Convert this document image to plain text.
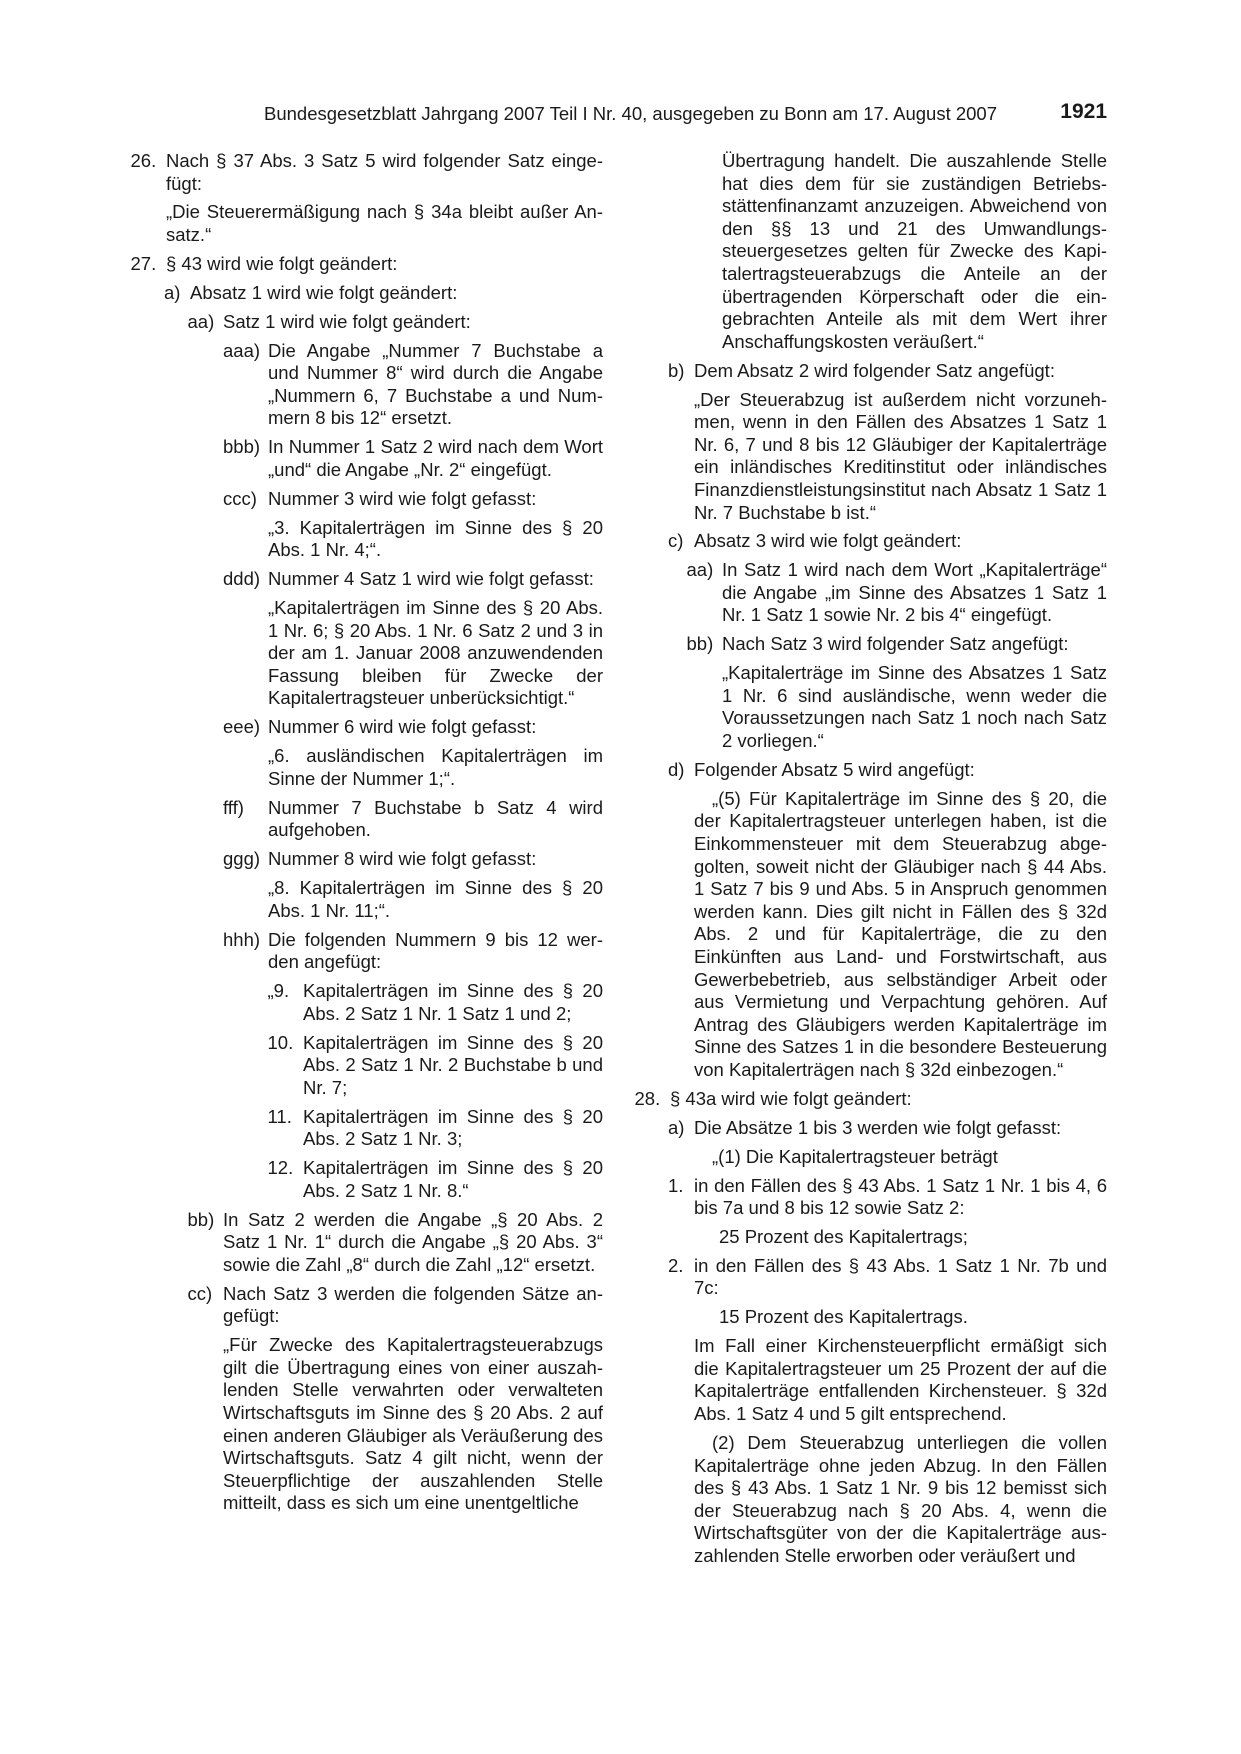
Bundesgesetzblatt Jahrgang 2007 Teil I Nr. 40, ausgegeben zu Bonn am 17. August 2007	1921

26. Nach § 37 Abs. 3 Satz 5 wird folgender Satz eingefügt:

„Die Steuerermäßigung nach § 34a bleibt außer Ansatz.“

27. § 43 wird wie folgt geändert:

a) Absatz 1 wird wie folgt geändert:

aa) Satz 1 wird wie folgt geändert:

aaa) Die Angabe „Nummer 7 Buchstabe a und Nummer 8“ wird durch die Angabe „Nummern 6, 7 Buchstabe a und Nummern 8 bis 12“ ersetzt.

bbb) In Nummer 1 Satz 2 wird nach dem Wort „und“ die Angabe „Nr. 2“ eingefügt.

ccc) Nummer 3 wird wie folgt gefasst:

„3. Kapitalerträgen im Sinne des § 20 Abs. 1 Nr. 4;“.

ddd) Nummer 4 Satz 1 wird wie folgt gefasst:

„Kapitalerträgen im Sinne des § 20 Abs. 1 Nr. 6; § 20 Abs. 1 Nr. 6 Satz 2 und 3 in der am 1. Januar 2008 anzuwendenden Fassung bleiben für Zwecke der Kapitalertragsteuer unberücksichtigt.“

eee) Nummer 6 wird wie folgt gefasst:

„6. ausländischen Kapitalerträgen im Sinne der Nummer 1;“.

fff) Nummer 7 Buchstabe b Satz 4 wird aufgehoben.

ggg) Nummer 8 wird wie folgt gefasst:

„8. Kapitalerträgen im Sinne des § 20 Abs. 1 Nr. 11;“.

hhh) Die folgenden Nummern 9 bis 12 werden angefügt:

„9. Kapitalerträgen im Sinne des § 20 Abs. 2 Satz 1 Nr. 1 Satz 1 und 2;

10. Kapitalerträgen im Sinne des § 20 Abs. 2 Satz 1 Nr. 2 Buchstabe b und Nr. 7;

11. Kapitalerträgen im Sinne des § 20 Abs. 2 Satz 1 Nr. 3;

12. Kapitalerträgen im Sinne des § 20 Abs. 2 Satz 1 Nr. 8.“

bb) In Satz 2 werden die Angabe „§ 20 Abs. 2 Satz 1 Nr. 1“ durch die Angabe „§ 20 Abs. 3“ sowie die Zahl „8“ durch die Zahl „12“ ersetzt.

cc) Nach Satz 3 werden die folgenden Sätze angefügt:

„Für Zwecke des Kapitalertragsteuerabzugs gilt die Übertragung eines von einer auszahlenden Stelle verwahrten oder verwalteten Wirtschaftsguts im Sinne des § 20 Abs. 2 auf einen anderen Gläubiger als Veräußerung des Wirtschaftsguts. Satz 4 gilt nicht, wenn der Steuerpflichtige der auszahlenden Stelle mitteilt, dass es sich um eine unentgeltliche

Übertragung handelt. Die auszahlende Stelle hat dies dem für sie zuständigen Betriebsstättenfinanzamt anzuzeigen. Abweichend von den §§ 13 und 21 des Umwandlungssteuergesetzes gelten für Zwecke des Kapitalertragsteuerabzugs die Anteile an der übertragenden Körperschaft oder die eingebrachten Anteile als mit dem Wert ihrer Anschaffungskosten veräußert.“

b) Dem Absatz 2 wird folgender Satz angefügt:

„Der Steuerabzug ist außerdem nicht vorzunehmen, wenn in den Fällen des Absatzes 1 Satz 1 Nr. 6, 7 und 8 bis 12 Gläubiger der Kapitalerträge ein inländisches Kreditinstitut oder inländisches Finanzdienstleistungsinstitut nach Absatz 1 Satz 1 Nr. 7 Buchstabe b ist.“

c) Absatz 3 wird wie folgt geändert:

aa) In Satz 1 wird nach dem Wort „Kapitalerträge“ die Angabe „im Sinne des Absatzes 1 Satz 1 Nr. 1 Satz 1 sowie Nr. 2 bis 4“ eingefügt.

bb) Nach Satz 3 wird folgender Satz angefügt:

„Kapitalerträge im Sinne des Absatzes 1 Satz 1 Nr. 6 sind ausländische, wenn weder die Voraussetzungen nach Satz 1 noch nach Satz 2 vorliegen.“

d) Folgender Absatz 5 wird angefügt:

„(5) Für Kapitalerträge im Sinne des § 20, die der Kapitalertragsteuer unterlegen haben, ist die Einkommensteuer mit dem Steuerabzug abgegolten, soweit nicht der Gläubiger nach § 44 Abs. 1 Satz 7 bis 9 und Abs. 5 in Anspruch genommen werden kann. Dies gilt nicht in Fällen des § 32d Abs. 2 und für Kapitalerträge, die zu den Einkünften aus Land- und Forstwirtschaft, aus Gewerbebetrieb, aus selbständiger Arbeit oder aus Vermietung und Verpachtung gehören. Auf Antrag des Gläubigers werden Kapitalerträge im Sinne des Satzes 1 in die besondere Besteuerung von Kapitalerträgen nach § 32d einbezogen.“

28. § 43a wird wie folgt geändert:

a) Die Absätze 1 bis 3 werden wie folgt gefasst:

„(1) Die Kapitalertragsteuer beträgt

1. in den Fällen des § 43 Abs. 1 Satz 1 Nr. 1 bis 4, 6 bis 7a und 8 bis 12 sowie Satz 2:

25 Prozent des Kapitalertrags;

2. in den Fällen des § 43 Abs. 1 Satz 1 Nr. 7b und 7c:

15 Prozent des Kapitalertrags.

Im Fall einer Kirchensteuerpflicht ermäßigt sich die Kapitalertragsteuer um 25 Prozent der auf die Kapitalerträge entfallenden Kirchensteuer. § 32d Abs. 1 Satz 4 und 5 gilt entsprechend.

(2) Dem Steuerabzug unterliegen die vollen Kapitalerträge ohne jeden Abzug. In den Fällen des § 43 Abs. 1 Satz 1 Nr. 9 bis 12 bemisst sich der Steuerabzug nach § 20 Abs. 4, wenn die Wirtschaftsgüter von der die Kapitalerträge auszahlenden Stelle erworben oder veräußert und
